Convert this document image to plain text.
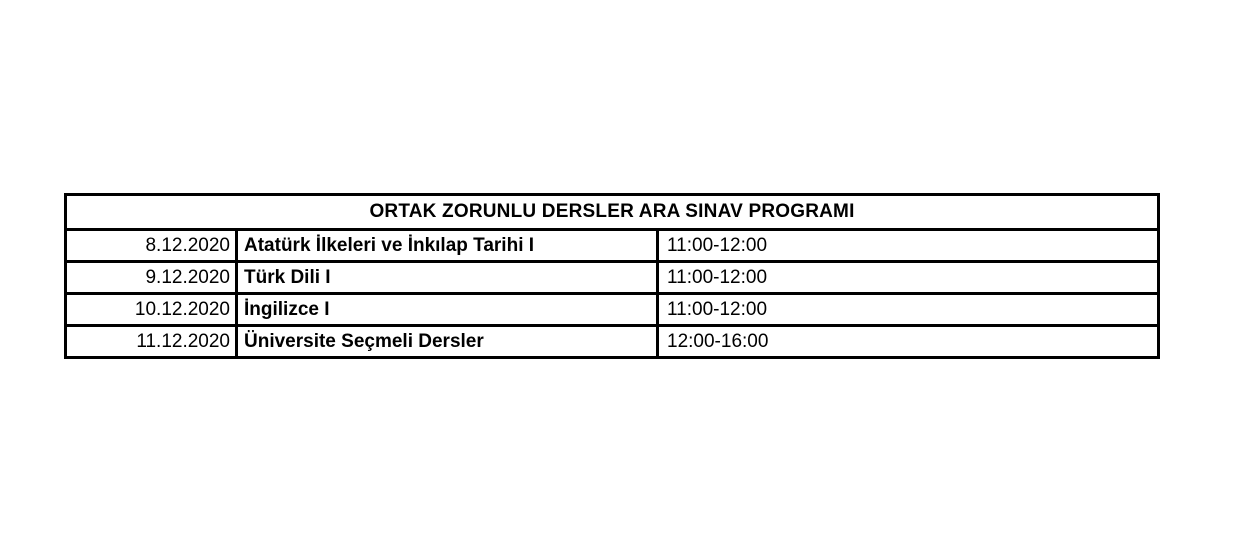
ORTAK ZORUNLU DERSLER ARA SINAV PROGRAMI		
8.12.2020	Atatürk İlkeleri ve İnkılap Tarihi I	11:00-12:00
9.12.2020	Türk Dili I	11:00-12:00
10.12.2020	İngilizce I	11:00-12:00
11.12.2020	Üniversite Seçmeli Dersler	12:00-16:00
